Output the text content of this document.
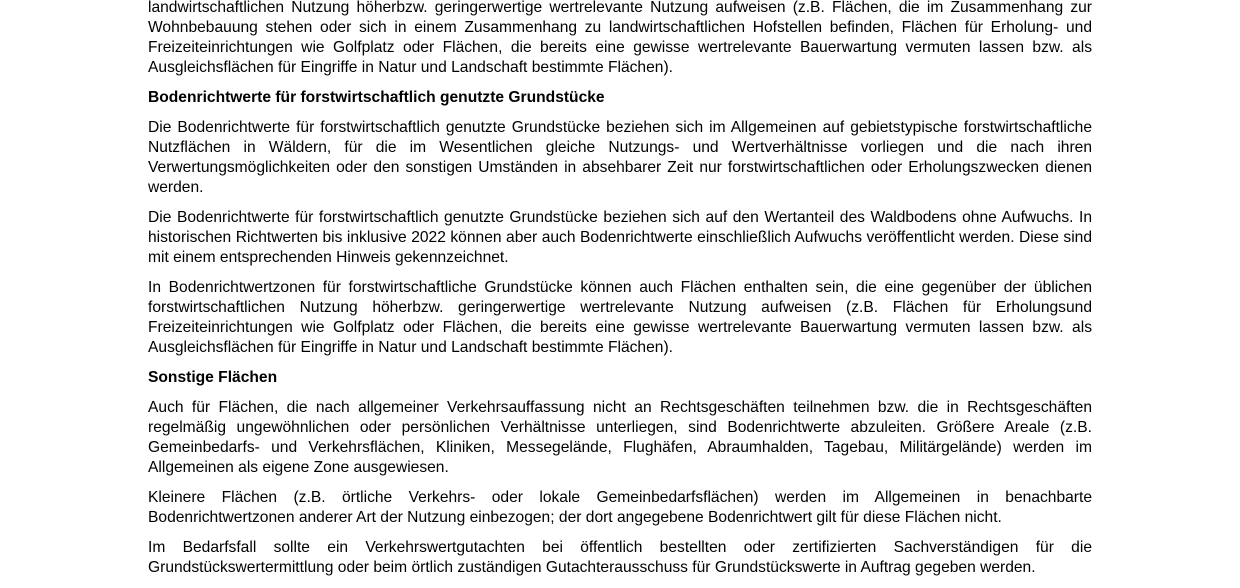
landwirtschaftlichen Nutzung höherbzw. geringerwertige wertrelevante Nutzung aufweisen (z.B. Flächen, die im Zusammenhang zur Wohnbebauung stehen oder sich in einem Zusammenhang zu landwirtschaftlichen Hofstellen befinden, Flächen für Erholung- und Freizeiteinrichtungen wie Golfplatz oder Flächen, die bereits eine gewisse wertrelevante Bauerwartung vermuten lassen bzw. als Ausgleichsflächen für Eingriffe in Natur und Landschaft bestimmte Flächen).

Bodenrichtwerte für forstwirtschaftlich genutzte Grundstücke

Die Bodenrichtwerte für forstwirtschaftlich genutzte Grundstücke beziehen sich im Allgemeinen auf gebietstypische forstwirtschaftliche Nutzflächen in Wäldern, für die im Wesentlichen gleiche Nutzungs- und Wertverhältnisse vorliegen und die nach ihren Verwertungsmöglichkeiten oder den sonstigen Umständen in absehbarer Zeit nur forstwirtschaftlichen oder Erholungszwecken dienen werden.

Die Bodenrichtwerte für forstwirtschaftlich genutzte Grundstücke beziehen sich auf den Wertanteil des Waldbodens ohne Aufwuchs. In historischen Richtwerten bis inklusive 2022 können aber auch Bodenrichtwerte einschließlich Aufwuchs veröffentlicht werden. Diese sind mit einem entsprechenden Hinweis gekennzeichnet.

In Bodenrichtwertzonen für forstwirtschaftliche Grundstücke können auch Flächen enthalten sein, die eine gegenüber der üblichen forstwirtschaftlichen Nutzung höherbzw. geringerwertige wertrelevante Nutzung aufweisen (z.B. Flächen für Erholungsund Freizeiteinrichtungen wie Golfplatz oder Flächen, die bereits eine gewisse wertrelevante Bauerwartung vermuten lassen bzw. als Ausgleichsflächen für Eingriffe in Natur und Landschaft bestimmte Flächen).

Sonstige Flächen

Auch für Flächen, die nach allgemeiner Verkehrsauffassung nicht an Rechtsgeschäften teilnehmen bzw. die in Rechtsgeschäften regelmäßig ungewöhnlichen oder persönlichen Verhältnisse unterliegen, sind Bodenrichtwerte abzuleiten. Größere Areale (z.B. Gemeinbedarfs- und Verkehrsflächen, Kliniken, Messegelände, Flughäfen, Abraumhalden, Tagebau, Militärgelände) werden im Allgemeinen als eigene Zone ausgewiesen.

Kleinere Flächen (z.B. örtliche Verkehrs- oder lokale Gemeinbedarfsflächen) werden im Allgemeinen in benachbarte Bodenrichtwertzonen anderer Art der Nutzung einbezogen; der dort angegebene Bodenrichtwert gilt für diese Flächen nicht.

Im Bedarfsfall sollte ein Verkehrswertgutachten bei öffentlich bestellten oder zertifizierten Sachverständigen für die Grundstückswertermittlung oder beim örtlich zuständigen Gutachterausschuss für Grundstückswerte in Auftrag gegeben werden.
